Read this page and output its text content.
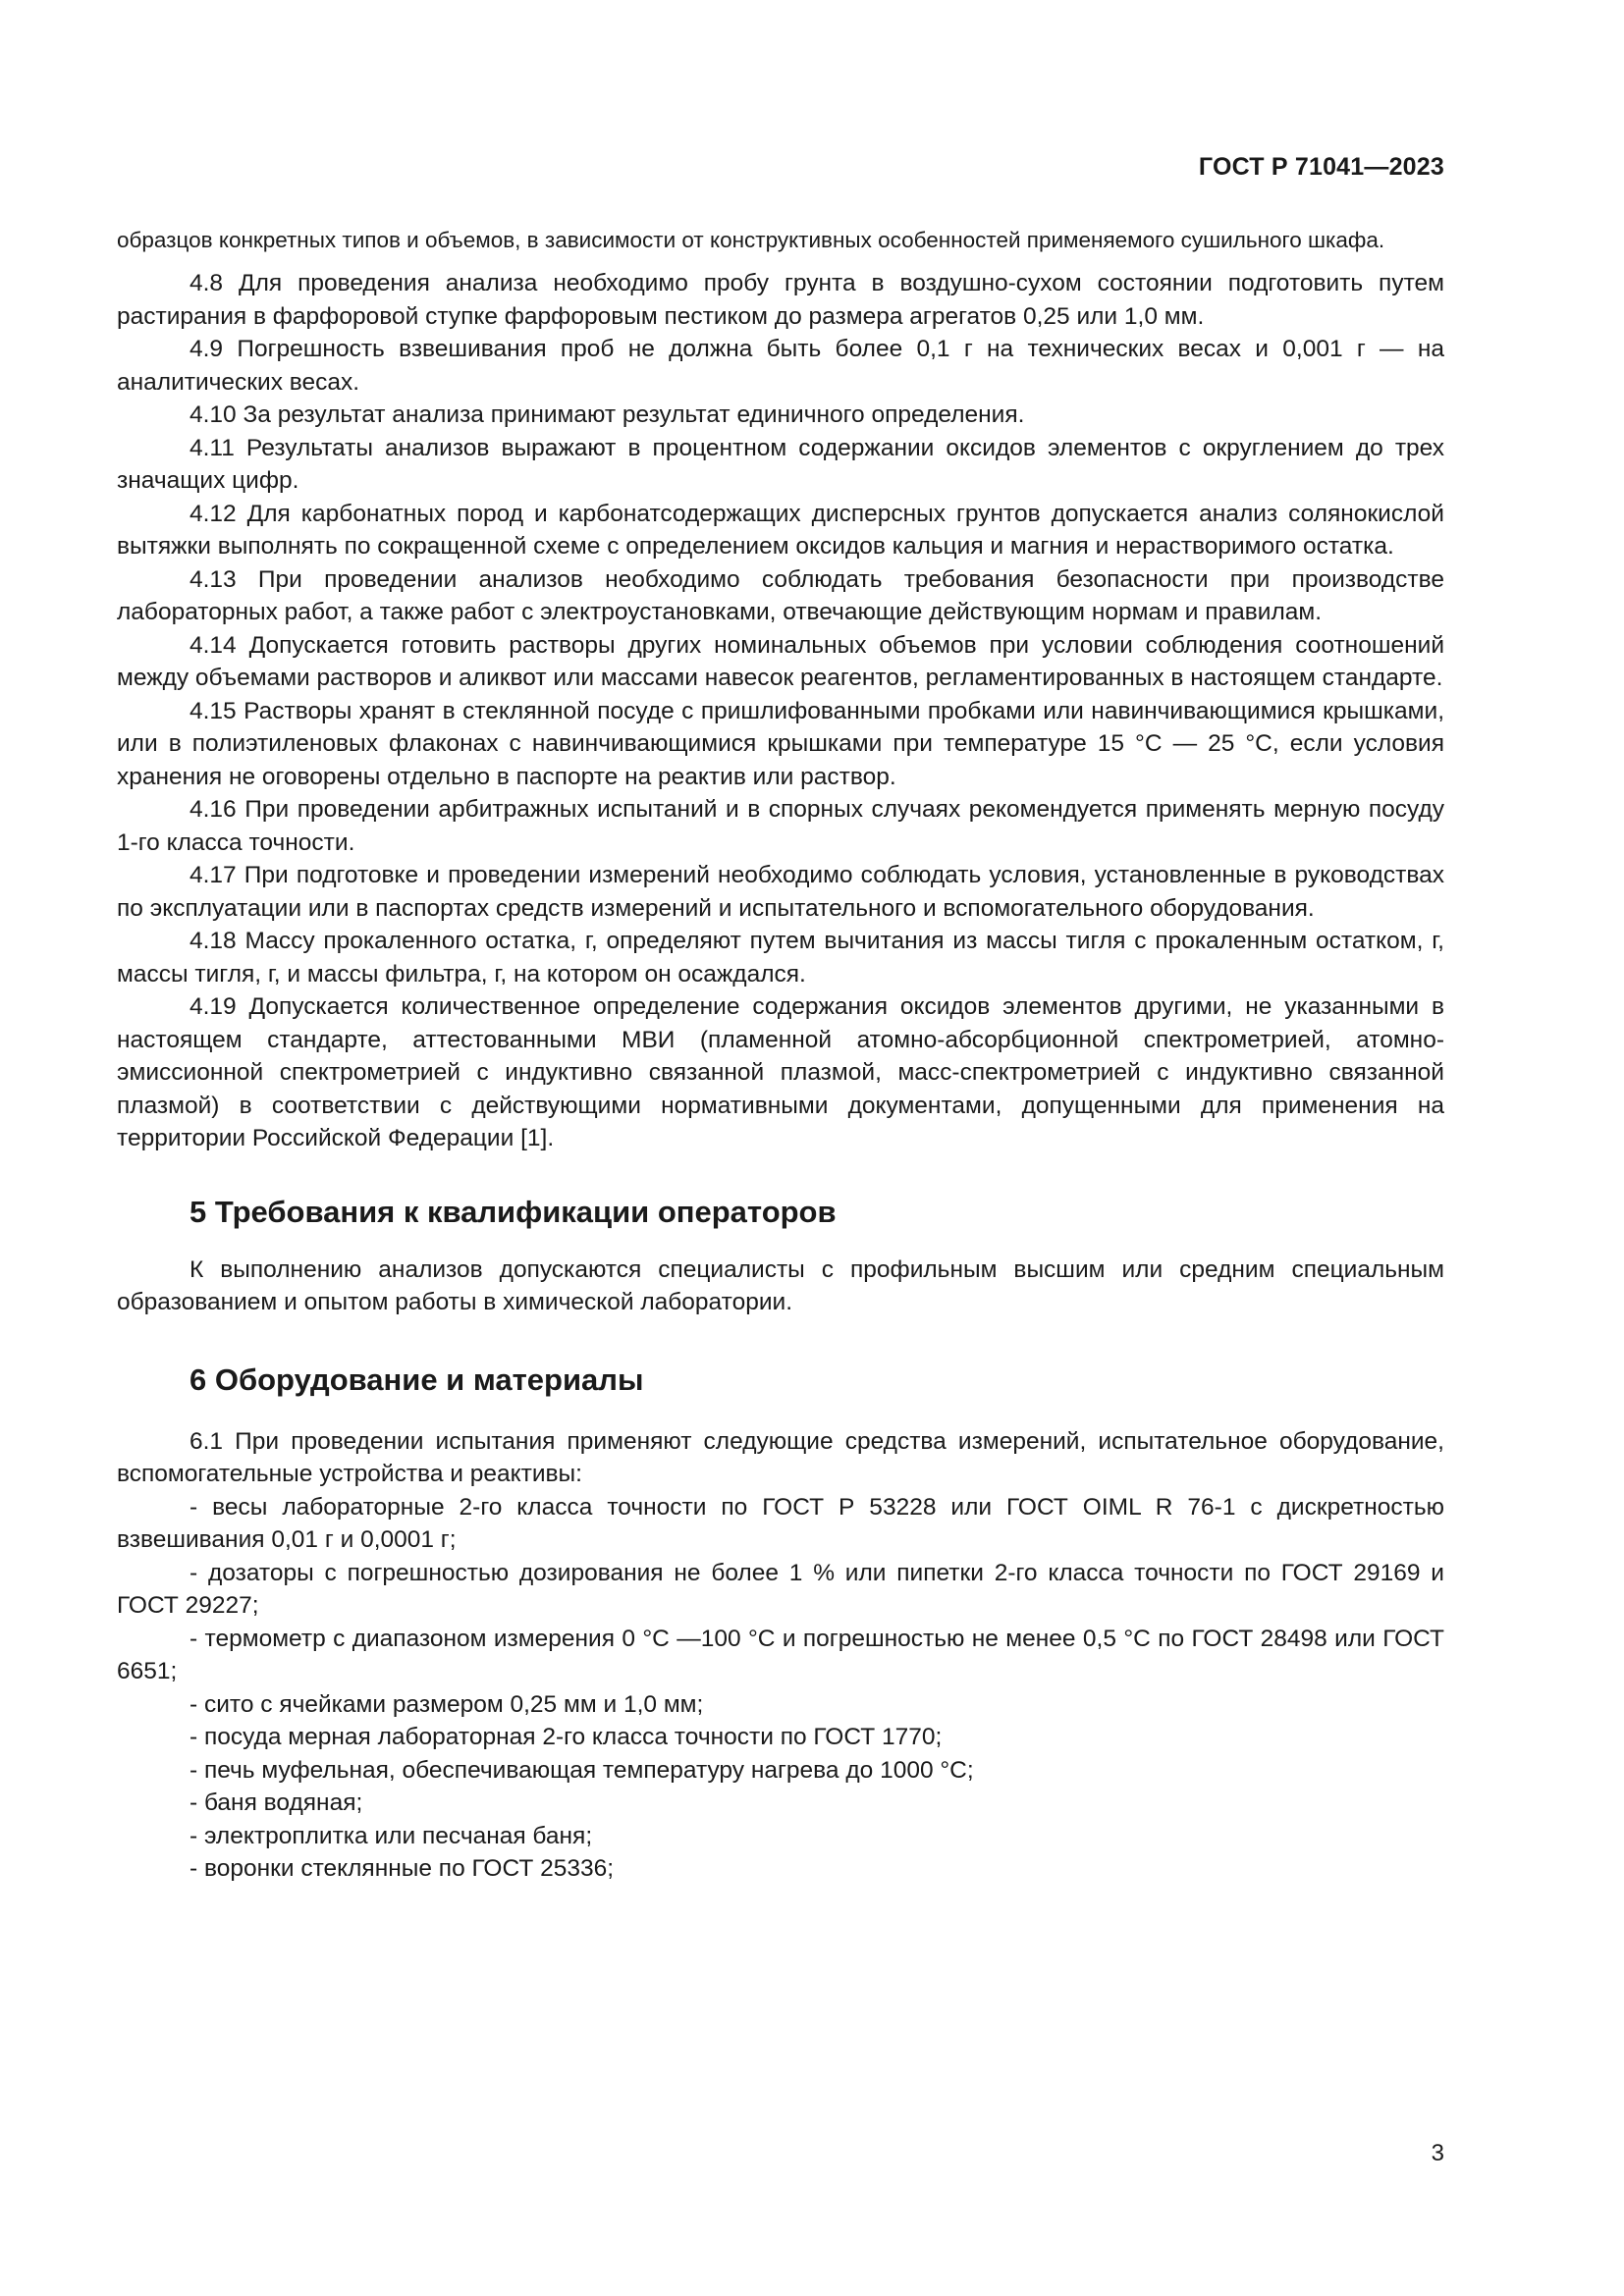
ГОСТ Р 71041—2023

образцов конкретных типов и объемов, в зависимости от конструктивных особенностей применяемого сушильного шкафа.

4.8 Для проведения анализа необходимо пробу грунта в воздушно-сухом состоянии подготовить путем растирания в фарфоровой ступке фарфоровым пестиком до размера агрегатов 0,25 или 1,0 мм.

4.9 Погрешность взвешивания проб не должна быть более 0,1 г на технических весах и 0,001 г — на аналитических весах.

4.10 За результат анализа принимают результат единичного определения.

4.11 Результаты анализов выражают в процентном содержании оксидов элементов с округлением до трех значащих цифр.

4.12 Для карбонатных пород и карбонатсодержащих дисперсных грунтов допускается анализ солянокислой вытяжки выполнять по сокращенной схеме с определением оксидов кальция и магния и нерастворимого остатка.

4.13 При проведении анализов необходимо соблюдать требования безопасности при производстве лабораторных работ, а также работ с электроустановками, отвечающие действующим нормам и правилам.

4.14 Допускается готовить растворы других номинальных объемов при условии соблюдения соотношений между объемами растворов и аликвот или массами навесок реагентов, регламентированных в настоящем стандарте.

4.15 Растворы хранят в стеклянной посуде с пришлифованными пробками или навинчивающимися крышками, или в полиэтиленовых флаконах с навинчивающимися крышками при температуре 15 °С — 25 °С, если условия хранения не оговорены отдельно в паспорте на реактив или раствор.

4.16 При проведении арбитражных испытаний и в спорных случаях рекомендуется применять мерную посуду 1-го класса точности.

4.17 При подготовке и проведении измерений необходимо соблюдать условия, установленные в руководствах по эксплуатации или в паспортах средств измерений и испытательного и вспомогательного оборудования.

4.18 Массу прокаленного остатка, г, определяют путем вычитания из массы тигля с прокаленным остатком, г, массы тигля, г, и массы фильтра, г, на котором он осаждался.

4.19 Допускается количественное определение содержания оксидов элементов другими, не указанными в настоящем стандарте, аттестованными МВИ (пламенной атомно-абсорбционной спектрометрией, атомно-эмиссионной спектрометрией с индуктивно связанной плазмой, масс-спектрометрией с индуктивно связанной плазмой) в соответствии с действующими нормативными документами, допущенными для применения на территории Российской Федерации [1].

5 Требования к квалификации операторов

К выполнению анализов допускаются специалисты с профильным высшим или средним специальным образованием и опытом работы в химической лаборатории.

6 Оборудование и материалы

6.1 При проведении испытания применяют следующие средства измерений, испытательное оборудование, вспомогательные устройства и реактивы:

- весы лабораторные 2-го класса точности по ГОСТ Р 53228 или ГОСТ OIML R 76-1 с дискретностью взвешивания 0,01 г и 0,0001 г;

- дозаторы с погрешностью дозирования не более 1 % или пипетки 2-го класса точности по ГОСТ 29169 и ГОСТ 29227;

- термометр с диапазоном измерения 0 °С —100 °С и погрешностью не менее 0,5 °С по ГОСТ 28498 или ГОСТ 6651;

- сито с ячейками размером 0,25 мм и 1,0 мм;

- посуда мерная лабораторная 2-го класса точности по ГОСТ 1770;

- печь муфельная, обеспечивающая температуру нагрева до 1000 °С;

- баня водяная;

- электроплитка или песчаная баня;

- воронки стеклянные по ГОСТ 25336;

3
